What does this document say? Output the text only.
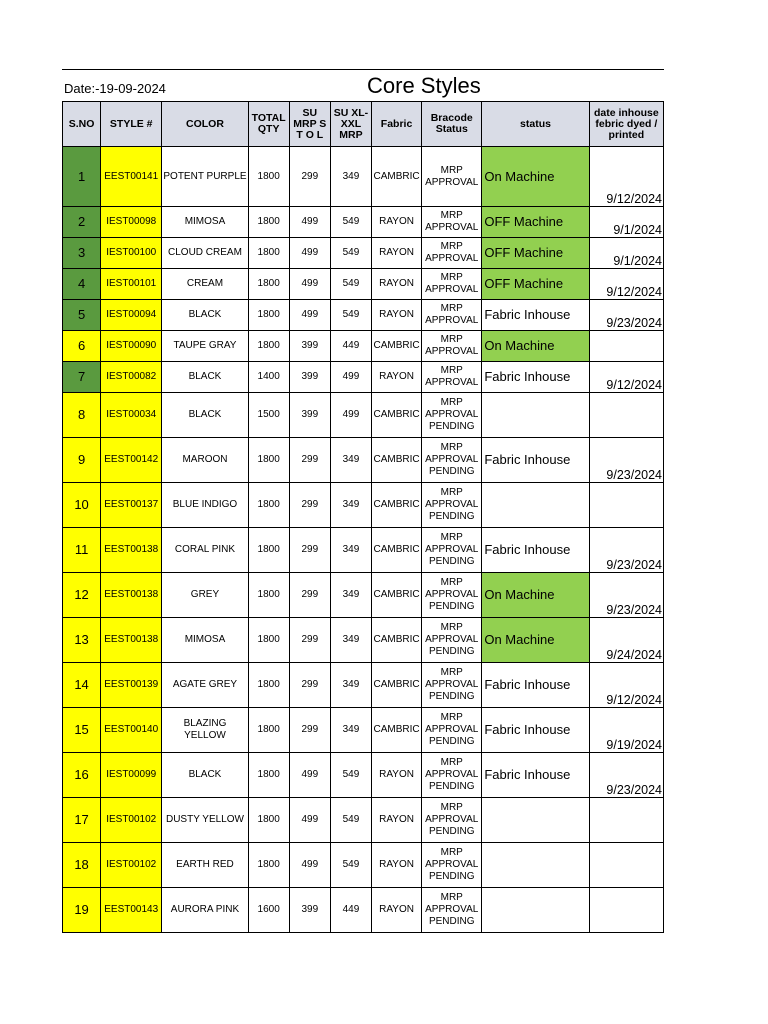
Date:-19-09-2024	Core Styles
S.NO	STYLE #	COLOR	TOTAL QTY	SU MRP S T O L	SU XL-XXL MRP	Fabric	Bracode Status	status	date inhouse febric dyed / printed
1	EEST00141	POTENT PURPLE	1800	299	349	CAMBRIC	MRP APPROVAL	On Machine	9/12/2024
2	IEST00098	MIMOSA	1800	499	549	RAYON	MRP APPROVAL	OFF Machine	9/1/2024
3	IEST00100	CLOUD CREAM	1800	499	549	RAYON	MRP APPROVAL	OFF Machine	9/1/2024
4	IEST00101	CREAM	1800	499	549	RAYON	MRP APPROVAL	OFF Machine	9/12/2024
5	IEST00094	BLACK	1800	499	549	RAYON	MRP APPROVAL	Fabric Inhouse	9/23/2024
6	IEST00090	TAUPE GRAY	1800	399	449	CAMBRIC	MRP APPROVAL	On Machine	
7	IEST00082	BLACK	1400	399	499	RAYON	MRP APPROVAL	Fabric Inhouse	9/12/2024
8	IEST00034	BLACK	1500	399	499	CAMBRIC	MRP APPROVAL PENDING		
9	EEST00142	MAROON	1800	299	349	CAMBRIC	MRP APPROVAL PENDING	Fabric Inhouse	9/23/2024
10	EEST00137	BLUE INDIGO	1800	299	349	CAMBRIC	MRP APPROVAL PENDING		
11	EEST00138	CORAL PINK	1800	299	349	CAMBRIC	MRP APPROVAL PENDING	Fabric Inhouse	9/23/2024
12	EEST00138	GREY	1800	299	349	CAMBRIC	MRP APPROVAL PENDING	On Machine	9/23/2024
13	EEST00138	MIMOSA	1800	299	349	CAMBRIC	MRP APPROVAL PENDING	On Machine	9/24/2024
14	EEST00139	AGATE GREY	1800	299	349	CAMBRIC	MRP APPROVAL PENDING	Fabric Inhouse	9/12/2024
15	EEST00140	BLAZING YELLOW	1800	299	349	CAMBRIC	MRP APPROVAL PENDING	Fabric Inhouse	9/19/2024
16	IEST00099	BLACK	1800	499	549	RAYON	MRP APPROVAL PENDING	Fabric Inhouse	9/23/2024
17	IEST00102	DUSTY YELLOW	1800	499	549	RAYON	MRP APPROVAL PENDING		
18	IEST00102	EARTH RED	1800	499	549	RAYON	MRP APPROVAL PENDING		
19	EEST00143	AURORA PINK	1600	399	449	RAYON	MRP APPROVAL PENDING		
